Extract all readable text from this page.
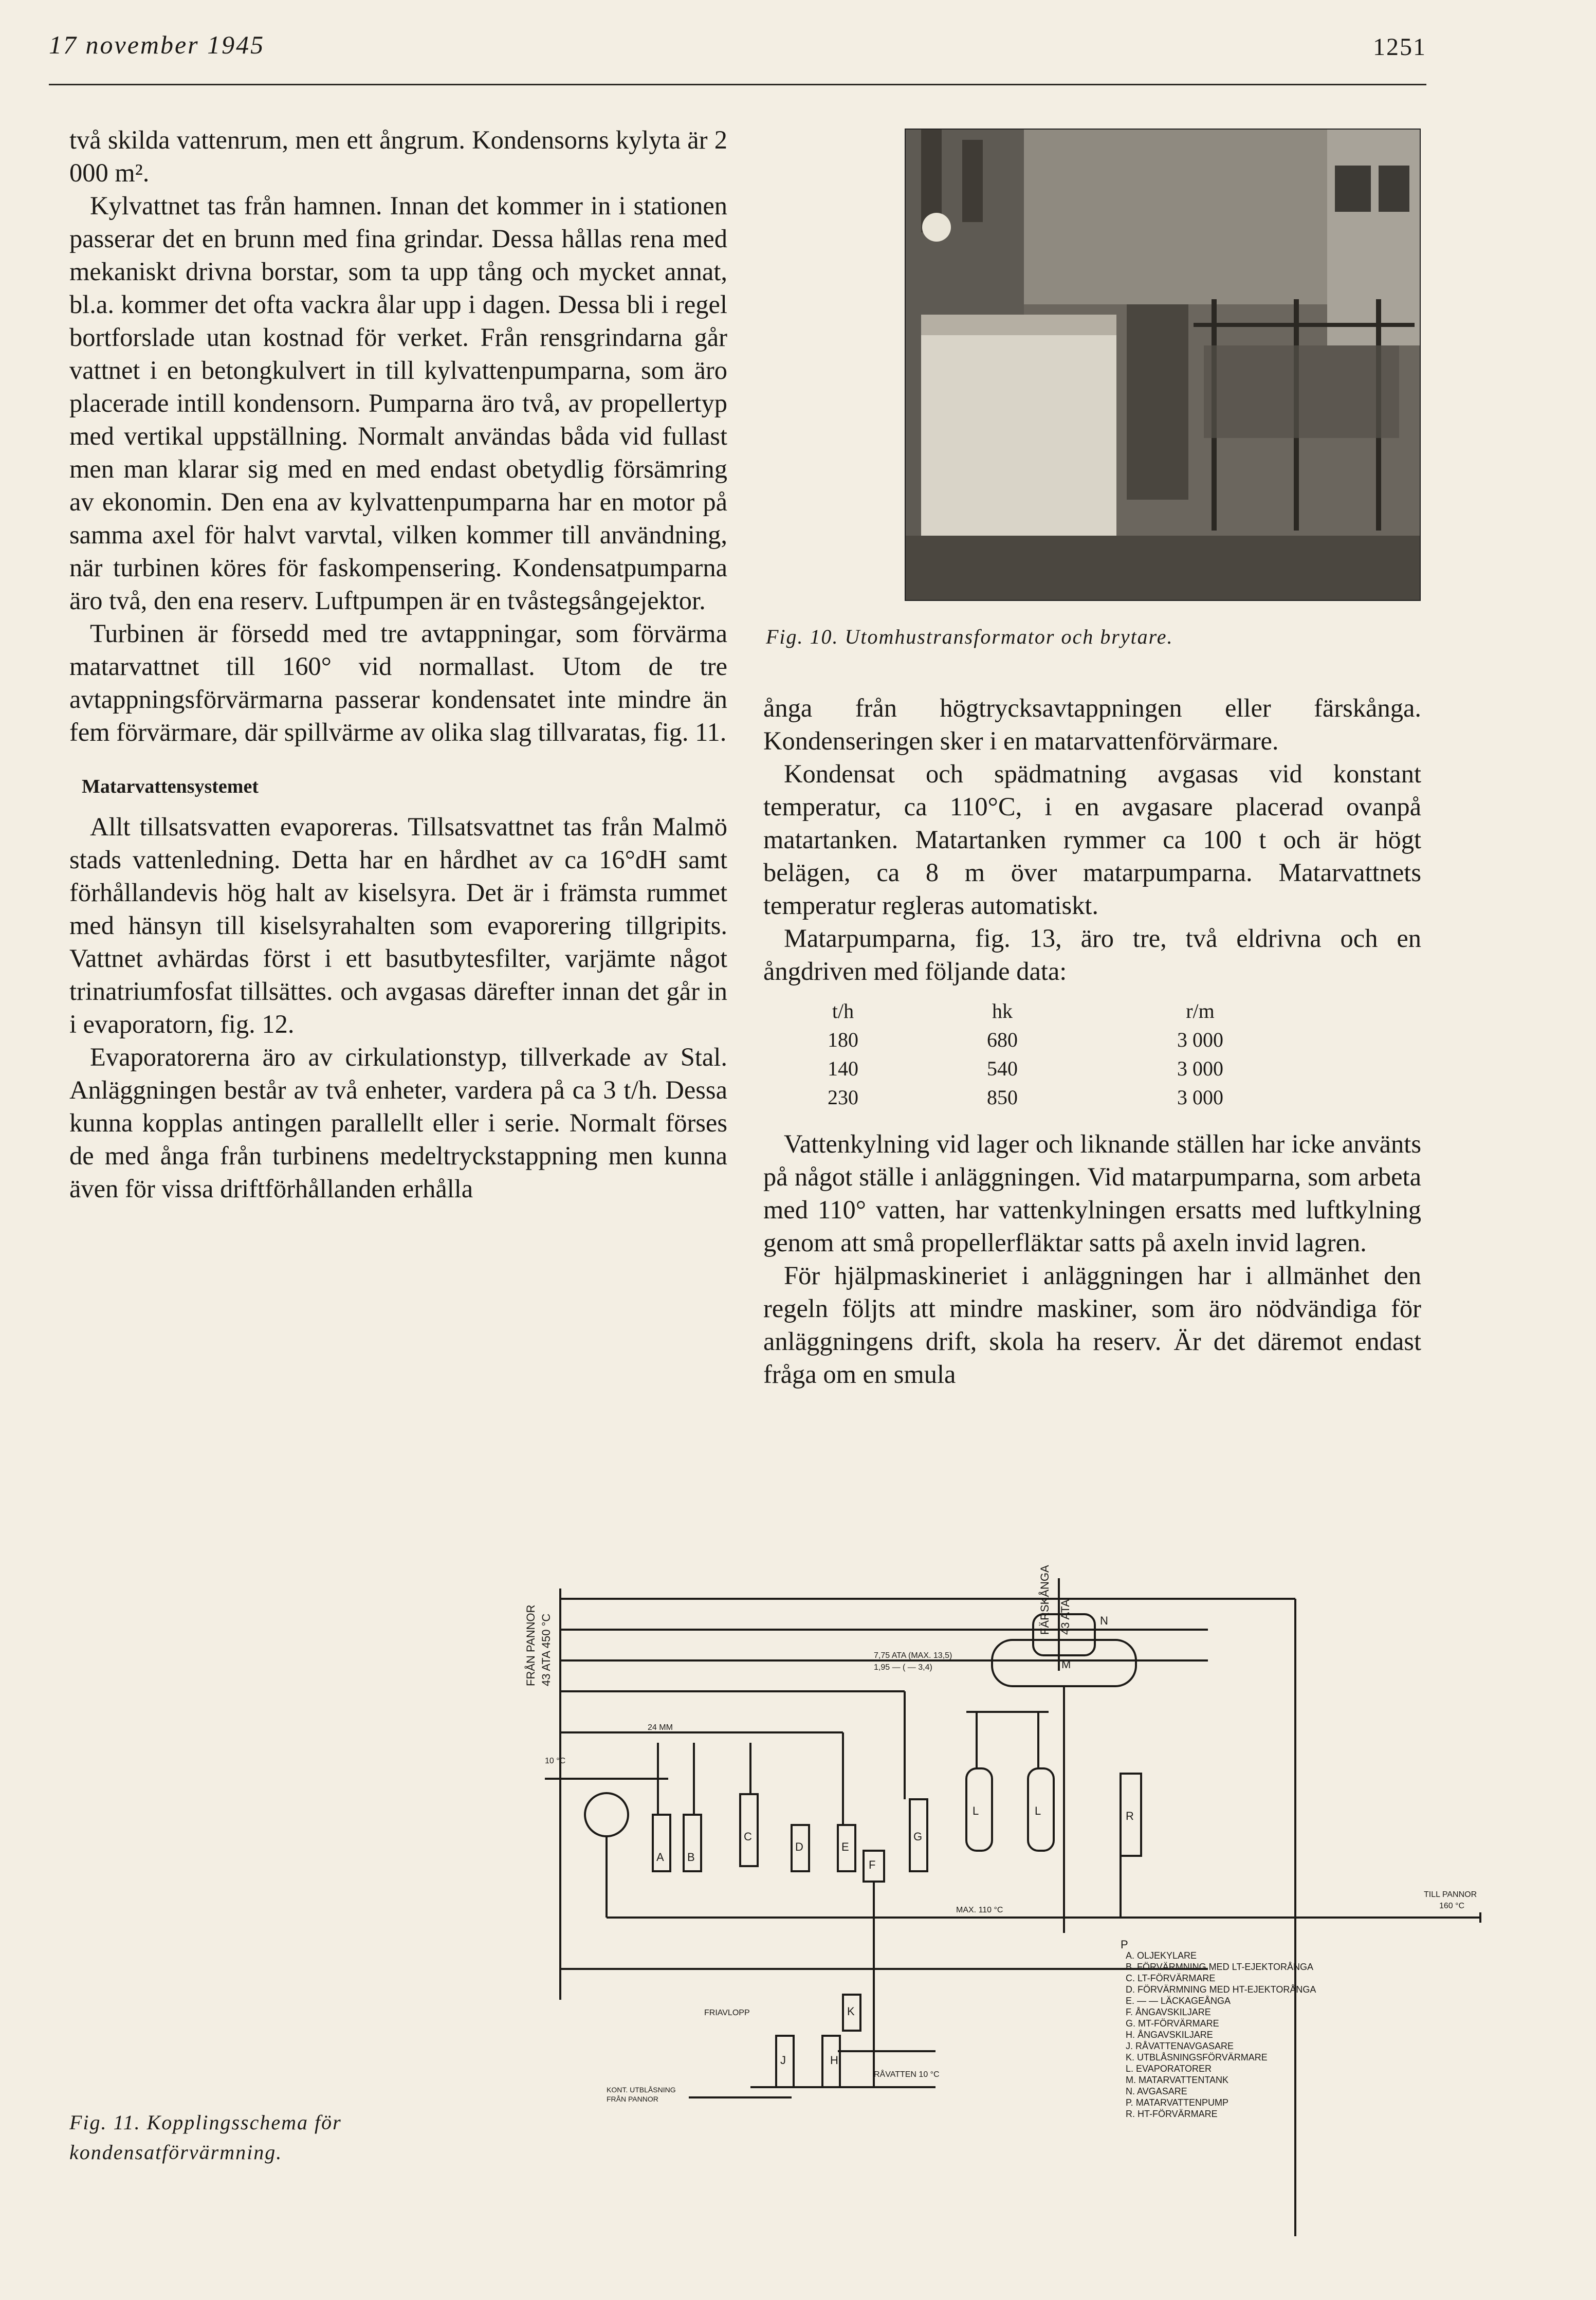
17 november 1945	1251

två skilda vattenrum, men ett ångrum. Kondensorns kylyta är 2 000 m².

Kylvattnet tas från hamnen. Innan det kommer in i stationen passerar det en brunn med fina grindar. Dessa hållas rena med mekaniskt drivna borstar, som ta upp tång och mycket annat, bl.a. kommer det ofta vackra ålar upp i dagen. Dessa bli i regel bortforslade utan kostnad för verket. Från rensgrindarna går vattnet i en betongkulvert in till kylvattenpumparna, som äro placerade intill kondensorn. Pumparna äro två, av propellertyp med vertikal uppställning. Normalt användas båda vid fullast men man klarar sig med en med endast obetydlig försämring av ekonomin. Den ena av kylvattenpumparna har en motor på samma axel för halvt varvtal, vilken kommer till användning, när turbinen köres för faskompensering. Kondensatpumparna äro två, den ena reserv. Luftpumpen är en tvåstegsångejektor.

Turbinen är försedd med tre avtappningar, som förvärma matarvattnet till 160° vid normallast. Utom de tre avtappningsförvärmarna passerar kondensatet inte mindre än fem förvärmare, där spillvärme av olika slag tillvaratas, fig. 11.

Matarvattensystemet

Allt tillsatsvatten evaporeras. Tillsatsvattnet tas från Malmö stads vattenledning. Detta har en hårdhet av ca 16°dH samt förhållandevis hög halt av kiselsyra. Det är i främsta rummet med hänsyn till kiselsyrahalten som evaporering tillgripits. Vattnet avhärdas först i ett basutbytesfilter, varjämte något trinatriumfosfat tillsättes. och avgasas därefter innan det går in i evaporatorn, fig. 12.

Evaporatorerna äro av cirkulationstyp, tillverkade av Stal. Anläggningen består av två enheter, vardera på ca 3 t/h. Dessa kunna kopplas antingen parallellt eller i serie. Normalt förses de med ånga från turbinens medeltryckstappning men kunna även för vissa driftförhållanden erhålla

Fig. 10. Utomhustransformator och brytare.

ånga från högtrycksavtappningen eller färskånga. Kondenseringen sker i en matarvattenförvärmare.

Kondensat och spädmatning avgasas vid konstant temperatur, ca 110°C, i en avgasare placerad ovanpå matartanken. Matartanken rymmer ca 100 t och är högt belägen, ca 8 m över matarpumparna. Matarvattnets temperatur regleras automatiskt.

Matarpumparna, fig. 13, äro tre, två eldrivna och en ångdriven med följande data:

t/h	hk	r/m
180	680	3 000
140	540	3 000
230	850	3 000

Vattenkylning vid lager och liknande ställen har icke använts på något ställe i anläggningen. Vid matarpumparna, som arbeta med 110° vatten, har vattenkylningen ersatts med luftkylning genom att små propellerfläktar satts på axeln invid lagren.

För hjälpmaskineriet i anläggningen har i allmänhet den regeln följts att mindre maskiner, som äro nödvändiga för anläggningens drift, skola ha reserv. Är det däremot endast fråga om en smula

FRÅN PANNOR 43 ATA 450 °C
FÄRSKÅNGA 43 ATA
7,75 ATA (MAX. 13,5)
1,95 — ( — 3,4)
24 MM
10 °C
MAX. 110 °C
TILL PANNOR
160 °C
FRIAVLOPP
RÅVATTEN 10 °C
KONT. UTBLÅSNING
FRÅN PANNOR
A B
C
D	E
F
G
H
J
K
L	L
M
N
P
R
A. OLJEKYLARE
B. FÖRVÄRMNING MED LT-EJEKTORÅNGA
C. LT-FÖRVÄRMARE
D. FÖRVÄRMNING MED HT-EJEKTORÅNGA
E. — — LÄCKAGEÅNGA
F. ÅNGAVSKILJARE
G. MT-FÖRVÄRMARE
H. ÅNGAVSKILJARE
J. RÅVATTENAVGASARE
K. UTBLÅSNINGSFÖRVÄRMARE
L. EVAPORATORER
M. MATARVATTENTANK
N. AVGASARE
P. MATARVATTENPUMP
R. HT-FÖRVÄRMARE
Fig. 11. Kopplingsschema för kondensatförvärmning.
